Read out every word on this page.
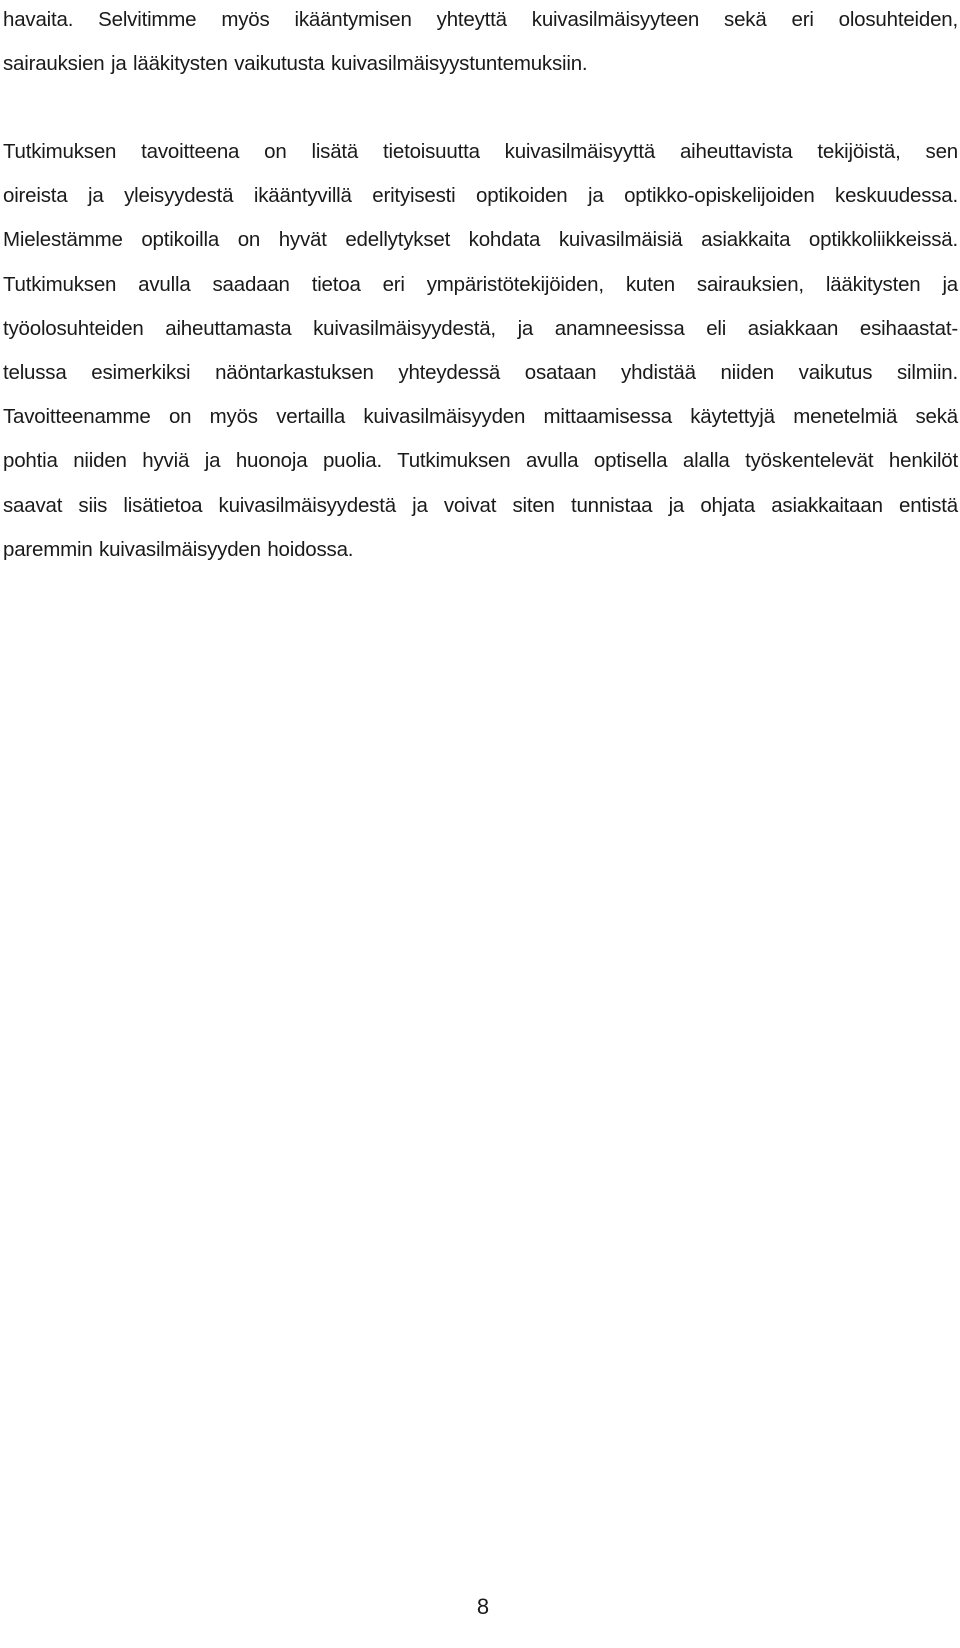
havaita. Selvitimme myös ikääntymisen yhteyttä kuivasilmäisyyteen sekä eri olosuhteiden,
sairauksien ja lääkitysten vaikutusta kuivasilmäisyystuntemuksiin.
Tutkimuksen tavoitteena on lisätä tietoisuutta kuivasilmäisyyttä aiheuttavista tekijöistä, sen
oireista ja yleisyydestä ikääntyvillä erityisesti optikoiden ja optikko-opiskelijoiden keskuudessa.
Mielestämme optikoilla on hyvät edellytykset kohdata kuivasilmäisiä asiakkaita optikkoliikkeissä.
Tutkimuksen avulla saadaan tietoa eri ympäristötekijöiden, kuten sairauksien, lääkitysten ja
työolosuhteiden aiheuttamasta kuivasilmäisyydestä, ja anamneesissa eli asiakkaan esihaastat-
telussa esimerkiksi näöntarkastuksen yhteydessä osataan yhdistää niiden vaikutus silmiin.
Tavoitteenamme on myös vertailla kuivasilmäisyyden mittaamisessa käytettyjä menetelmiä sekä
pohtia niiden hyviä ja huonoja puolia. Tutkimuksen avulla optisella alalla työskentelevät henkilöt
saavat siis lisätietoa kuivasilmäisyydestä ja voivat siten tunnistaa ja ohjata asiakkaitaan entistä
paremmin kuivasilmäisyyden hoidossa.
8
